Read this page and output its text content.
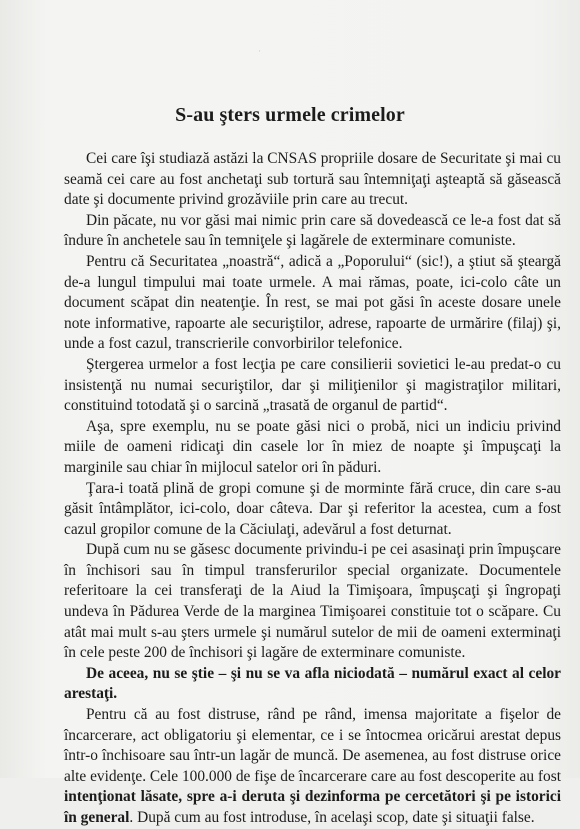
·
S-au şters urmele crimelor

Cei care îşi studiază astăzi la CNSAS propriile dosare de Securitate şi mai cu seamă cei care au fost anchetaţi sub tortură sau întemniţaţi aşteaptă să găsească date şi documente privind grozăviile prin care au trecut.

Din păcate, nu vor găsi mai nimic prin care să dovedească ce le-a fost dat să îndure în anchetele sau în temniţele şi lagărele de exterminare comuniste.

Pentru că Securitatea „noastră“, adică a „Poporului“ (sic!), a ştiut să şteargă de-a lungul timpului mai toate urmele. A mai rămas, poate, ici-colo câte un document scăpat din neatenţie. În rest, se mai pot găsi în aceste dosare unele note informative, rapoarte ale securiştilor, adrese, rapoarte de urmărire (filaj) şi, unde a fost cazul, transcrierile convorbirilor telefonice.

Ştergerea urmelor a fost lecţia pe care consilierii sovietici le-au predat-o cu insistenţă nu numai securiştilor, dar şi miliţienilor şi magistraţilor militari, constituind totodată şi o sarcină „trasată de organul de partid“.

Aşa, spre exemplu, nu se poate găsi nici o probă, nici un indiciu privind miile de oameni ridicaţi din casele lor în miez de noapte şi împuşcaţi la marginile sau chiar în mijlocul satelor ori în păduri.

Ţara-i toată plină de gropi comune şi de morminte fără cruce, din care s-au găsit întâmplător, ici-colo, doar câteva. Dar şi referitor la acestea, cum a fost cazul gropilor comune de la Căciulaţi, adevărul a fost deturnat.

După cum nu se găsesc documente privindu-i pe cei asasinaţi prin împuşcare în închisori sau în timpul transferurilor special organizate. Documentele referitoare la cei transferaţi de la Aiud la Timişoara, împuşcaţi şi îngropaţi undeva în Pădurea Verde de la marginea Timişoarei constituie tot o scăpare. Cu atât mai mult s-au şters urmele şi numărul sutelor de mii de oameni exterminaţi în cele peste 200 de închisori şi lagăre de exterminare comuniste.

De aceea, nu se ştie – şi nu se va afla niciodată – numărul exact al celor arestaţi.

Pentru că au fost distruse, rând pe rând, imensa majoritate a fişelor de încarcerare, act obligatoriu şi elementar, ce i se întocmea oricărui arestat depus într-o închisoare sau într-un lagăr de muncă. De asemenea, au fost distruse orice alte evidenţe. Cele 100.000 de fişe de încarcerare care au fost descoperite au fost intenţionat lăsate, spre a-i deruta şi dezinforma pe cercetători şi pe istorici în general. După cum au fost introduse, în acelaşi scop, date şi situaţii false.
